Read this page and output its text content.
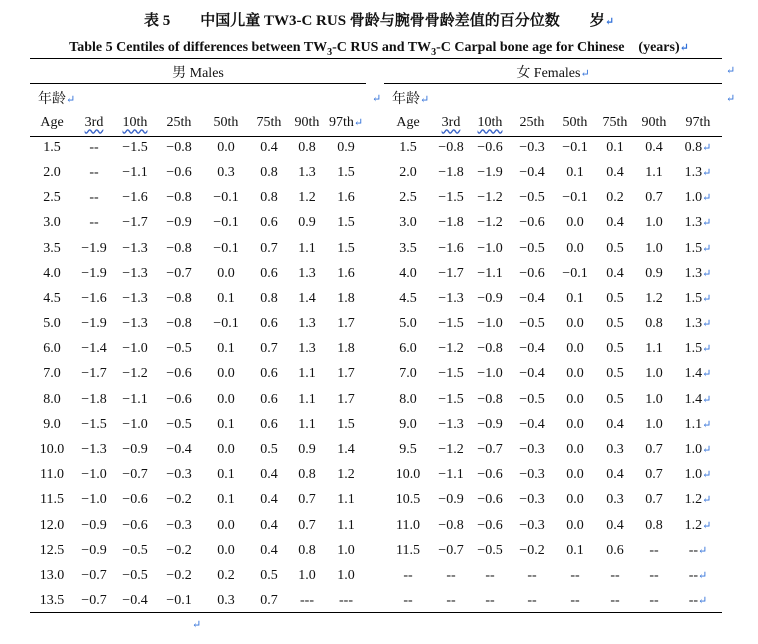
表 5　　中国儿童 TW3-C RUS 骨龄与腕骨骨龄差值的百分位数　　岁↵
Table 5 Centiles of differences between $TW_3-C$ RUS and $TW_3-C$ Carpal bone age for Chinese　(years)↵
男 Males	女 Females↵	↵
年龄↵	↵ 年龄↵	↵
Age	3rd	10th	25th	50th	75th	90th	97th↵
1.5	--	−1.5	−0.8	0.0	0.4	0.8	0.9
2.0	--	−1.1	−0.6	0.3	0.8	1.3	1.5
2.5	--	−1.6	−0.8	−0.1	0.8	1.2	1.6
3.0	--	−1.7	−0.9	−0.1	0.6	0.9	1.5
3.5	−1.9	−1.3	−0.8	−0.1	0.7	1.1	1.5
4.0	−1.9	−1.3	−0.7	0.0	0.6	1.3	1.6
4.5	−1.6	−1.3	−0.8	0.1	0.8	1.4	1.8
5.0	−1.9	−1.3	−0.8	−0.1	0.6	1.3	1.7
6.0	−1.4	−1.0	−0.5	0.1	0.7	1.3	1.8
7.0	−1.7	−1.2	−0.6	0.0	0.6	1.1	1.7
8.0	−1.8	−1.1	−0.6	0.0	0.6	1.1	1.7
9.0	−1.5	−1.0	−0.5	0.1	0.6	1.1	1.5
10.0	−1.3	−0.9	−0.4	0.0	0.5	0.9	1.4
11.0	−1.0	−0.7	−0.3	0.1	0.4	0.8	1.2
11.5	−1.0	−0.6	−0.2	0.1	0.4	0.7	1.1
12.0	−0.9	−0.6	−0.3	0.0	0.4	0.7	1.1
12.5	−0.9	−0.5	−0.2	0.0	0.4	0.8	1.0
13.0	−0.7	−0.5	−0.2	0.2	0.5	1.0	1.0
13.5	−0.7	−0.4	−0.1	0.3	0.7	---	---
Age	3rd	10th	25th	50th	75th	90th	97th
1.5	−0.8	−0.6	−0.3	−0.1	0.1	0.4	0.8↵
2.0	−1.8	−1.9	−0.4	0.1	0.4	1.1	1.3↵
2.5	−1.5	−1.2	−0.5	−0.1	0.2	0.7	1.0↵
3.0	−1.8	−1.2	−0.6	0.0	0.4	1.0	1.3↵
3.5	−1.6	−1.0	−0.5	0.0	0.5	1.0	1.5↵
4.0	−1.7	−1.1	−0.6	−0.1	0.4	0.9	1.3↵
4.5	−1.3	−0.9	−0.4	0.1	0.5	1.2	1.5↵
5.0	−1.5	−1.0	−0.5	0.0	0.5	0.8	1.3↵
6.0	−1.2	−0.8	−0.4	0.0	0.5	1.1	1.5↵
7.0	−1.5	−1.0	−0.4	0.0	0.5	1.0	1.4↵
8.0	−1.5	−0.8	−0.5	0.0	0.5	1.0	1.4↵
9.0	−1.3	−0.9	−0.4	0.0	0.4	1.0	1.1↵
9.5	−1.2	−0.7	−0.3	0.0	0.3	0.7	1.0↵
10.0	−1.1	−0.6	−0.3	0.0	0.4	0.7	1.0↵
10.5	−0.9	−0.6	−0.3	0.0	0.3	0.7	1.2↵
11.0	−0.8	−0.6	−0.3	0.0	0.4	0.8	1.2↵
11.5	−0.7	−0.5	−0.2	0.1	0.6	--	--↵
--	--	--	--	--	--	--	--↵
--	--	--	--	--	--	--	--↵
↵
